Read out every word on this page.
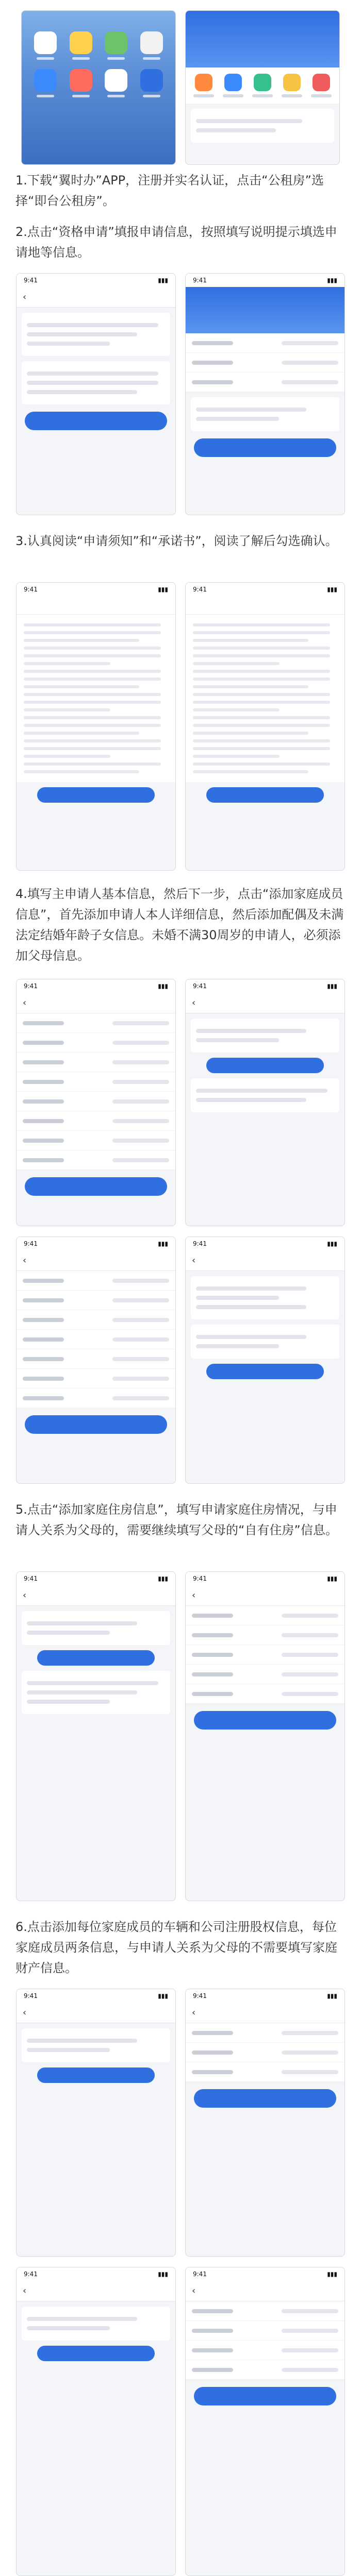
1.下载“翼时办”APP，注册并实名认证，点击“公租房”选择“即台公租房”。
2.点击“资格申请”填报申请信息，按照填写说明提示填选申请地等信息。
9:41	▮▮▮
‹
9:41	▮▮▮
3.认真阅读“申请须知”和“承诺书”，阅读了解后勾选确认。
9:41	▮▮▮	9:41	▮▮▮
4.填写主申请人基本信息，然后下一步，点击“添加家庭成员信息”，首先添加申请人本人详细信息，然后添加配偶及未满法定结婚年龄子女信息。未婚不满30周岁的申请人，必须添加父母信息。
9:41	▮▮▮
‹
9:41	▮▮▮
‹
9:41	▮▮▮
‹
9:41	▮▮▮
‹
5.点击“添加家庭住房信息”，填写申请家庭住房情况，与申请人关系为父母的，需要继续填写父母的“自有住房”信息。
9:41	▮▮▮
‹
9:41	▮▮▮
‹
6.点击添加每位家庭成员的车辆和公司注册股权信息，每位家庭成员两条信息，与申请人关系为父母的不需要填写家庭财产信息。
9:41	▮▮▮
‹
9:41	▮▮▮
‹
9:41	▮▮▮
‹
9:41	▮▮▮
‹
